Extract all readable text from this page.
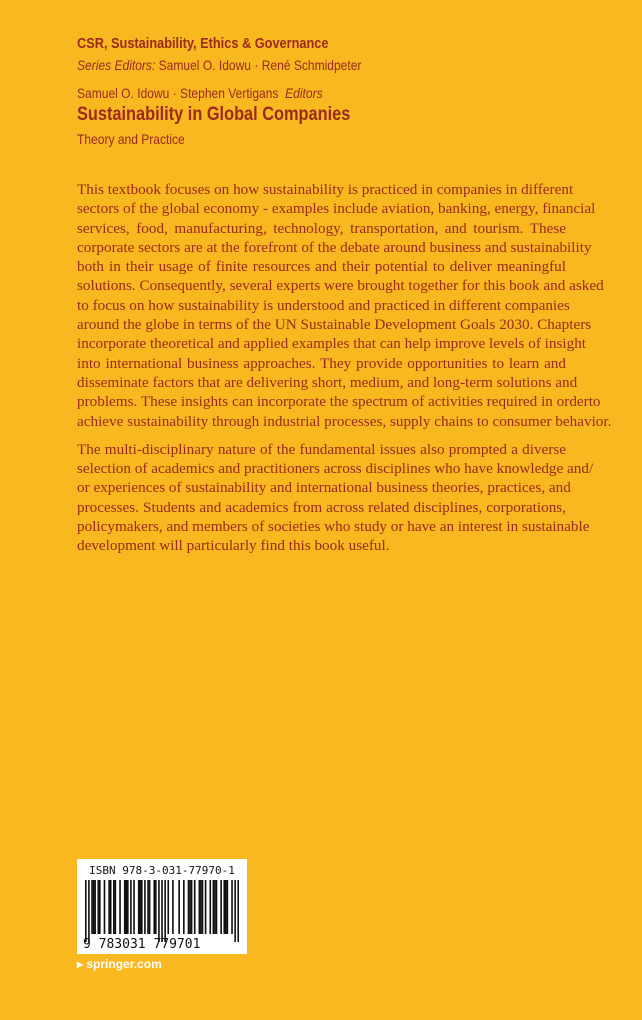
CSR, Sustainability, Ethics & Governance
Series Editors: Samuel O. Idowu · René Schmidpeter
Samuel O. Idowu · Stephen Vertigans Editors
Sustainability in Global Companies
Theory and Practice
This textbook focuses on how sustainability is practiced in companies in different
sectors of the global economy - examples include aviation, banking, energy, financial
services, food, manufacturing, technology, transportation, and tourism. These
corporate sectors are at the forefront of the debate around business and sustainability
both in their usage of finite resources and their potential to deliver meaningful
solutions. Consequently, several experts were brought together for this book and asked
to focus on how sustainability is understood and practiced in different companies
around the globe in terms of the UN Sustainable Development Goals 2030. Chapters
incorporate theoretical and applied examples that can help improve levels of insight
into international business approaches. They provide opportunities to learn and
disseminate factors that are delivering short, medium, and long-term solutions and
problems. These insights can incorporate the spectrum of activities required in orderto
achieve sustainability through industrial processes, supply chains to consumer behavior.
The multi-disciplinary nature of the fundamental issues also prompted a diverse
selection of academics and practitioners across disciplines who have knowledge and/
or experiences of sustainability and international business theories, practices, and
processes. Students and academics from across related disciplines, corporations,
policymakers, and members of societies who study or have an interest in sustainable
development will particularly find this book useful.
ISBN 978-3-031-77970-1
9 783031 779701
▸ springer.com
